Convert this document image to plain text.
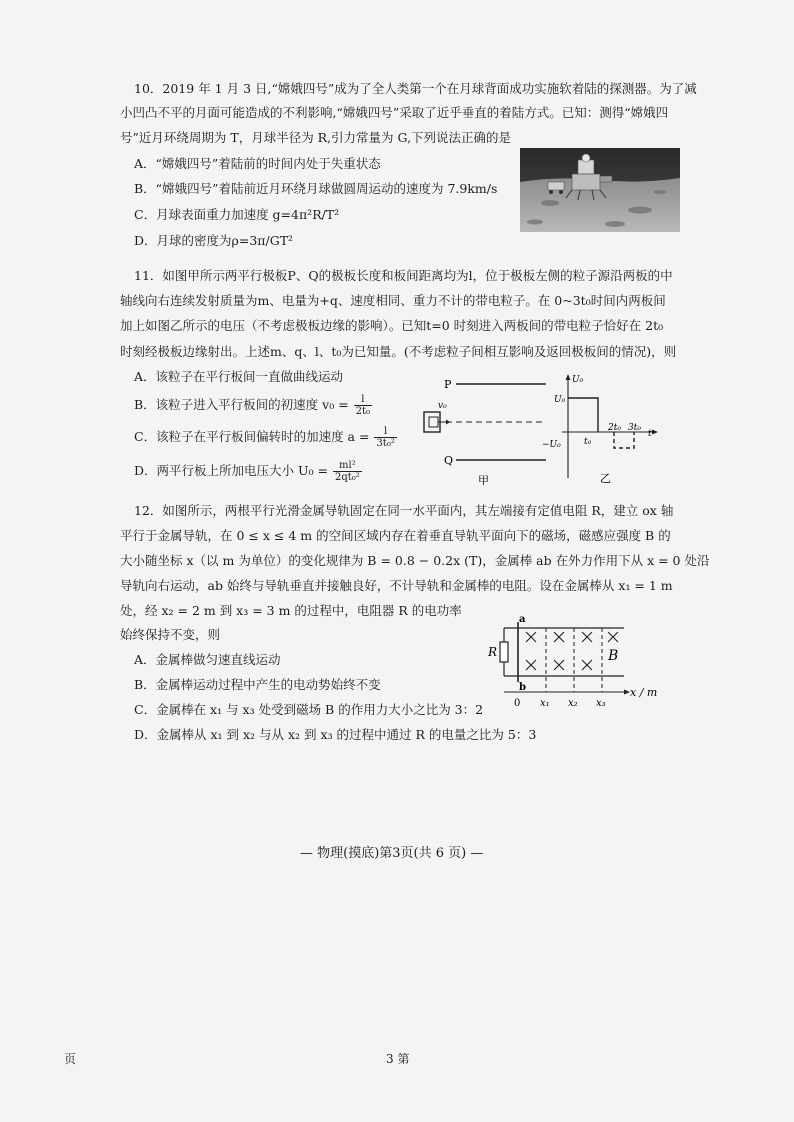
10．2019 年 1 月 3 日,“嫦娥四号”成为了全人类第一个在月球背面成功实施软着陆的探测器。为了减
小凹凸不平的月面可能造成的不利影响,“嫦娥四号”采取了近乎垂直的着陆方式。已知：测得“嫦娥四
号”近月环绕周期为 T，月球半径为 R,引力常量为 G,下列说法正确的是
A．“嫦娥四号”着陆前的时间内处于失重状态
B．“嫦娥四号”着陆前近月环绕月球做圆周运动的速度为 7.9km/s
C．月球表面重力加速度 g=4π²R/T²
D．月球的密度为ρ=3π/GT²
11．如图甲所示两平行极板P、Q的极板长度和板间距离均为l，位于极板左侧的粒子源沿两板的中
轴线向右连续发射质量为m、电量为+q、速度相同、重力不计的带电粒子。在 0~3t₀时间内两板间
加上如图乙所示的电压（不考虑极板边缘的影响）。已知t=0 时刻进入两板间的带电粒子恰好在 2t₀
时刻经极板边缘射出。上述m、q、l、t₀为已知量。(不考虑粒子间相互影响及返回极板间的情况)，则
A．该粒子在平行板间一直做曲线运动
B．该粒子进入平行板间的初速度 $v_0 = \frac{l}{\text{2t₀}}$
C．该粒子在平行板间偏转时的加速度 $a = \frac{l}{\text{3t₀²}}$
D．两平行板上所加电压大小 $U_0 = \frac{\text{ml²}}{\text{2qt₀²}}$
P
Q
v₀
甲
U₀
t
U₀
−U₀	t₀
2t₀ 3t₀
乙
12．如图所示，两根平行光滑金属导轨固定在同一水平面内，其左端接有定值电阻 R，建立 ox 轴
平行于金属导轨，在 0 ≤ x ≤ 4 m 的空间区域内存在着垂直导轨平面向下的磁场，磁感应强度 B 的
大小随坐标 x（以 m 为单位）的变化规律为 B = 0.8 − 0.2x (T)，金属棒 ab 在外力作用下从 x = 0 处沿
导轨向右运动，ab 始终与导轨垂直并接触良好，不计导轨和金属棒的电阻。设在金属棒从 x₁ = 1 m
处，经 x₂ = 2 m 到 x₃ = 3 m 的过程中，电阻器 R 的电功率
始终保持不变，则
A．金属棒做匀速直线运动
B．金属棒运动过程中产生的电动势始终不变
C．金属棒在 x₁ 与 x₃ 处受到磁场 B 的作用力大小之比为 3：2
D．金属棒从 x₁ 到 x₂ 与从 x₂ 到 x₃ 的过程中通过 R 的电量之比为 5：3
R
a
b
B
x / m
0 x₁ x₂ x₃
— 物理(摸底)第3页(共 6 页) —
页	3 第
